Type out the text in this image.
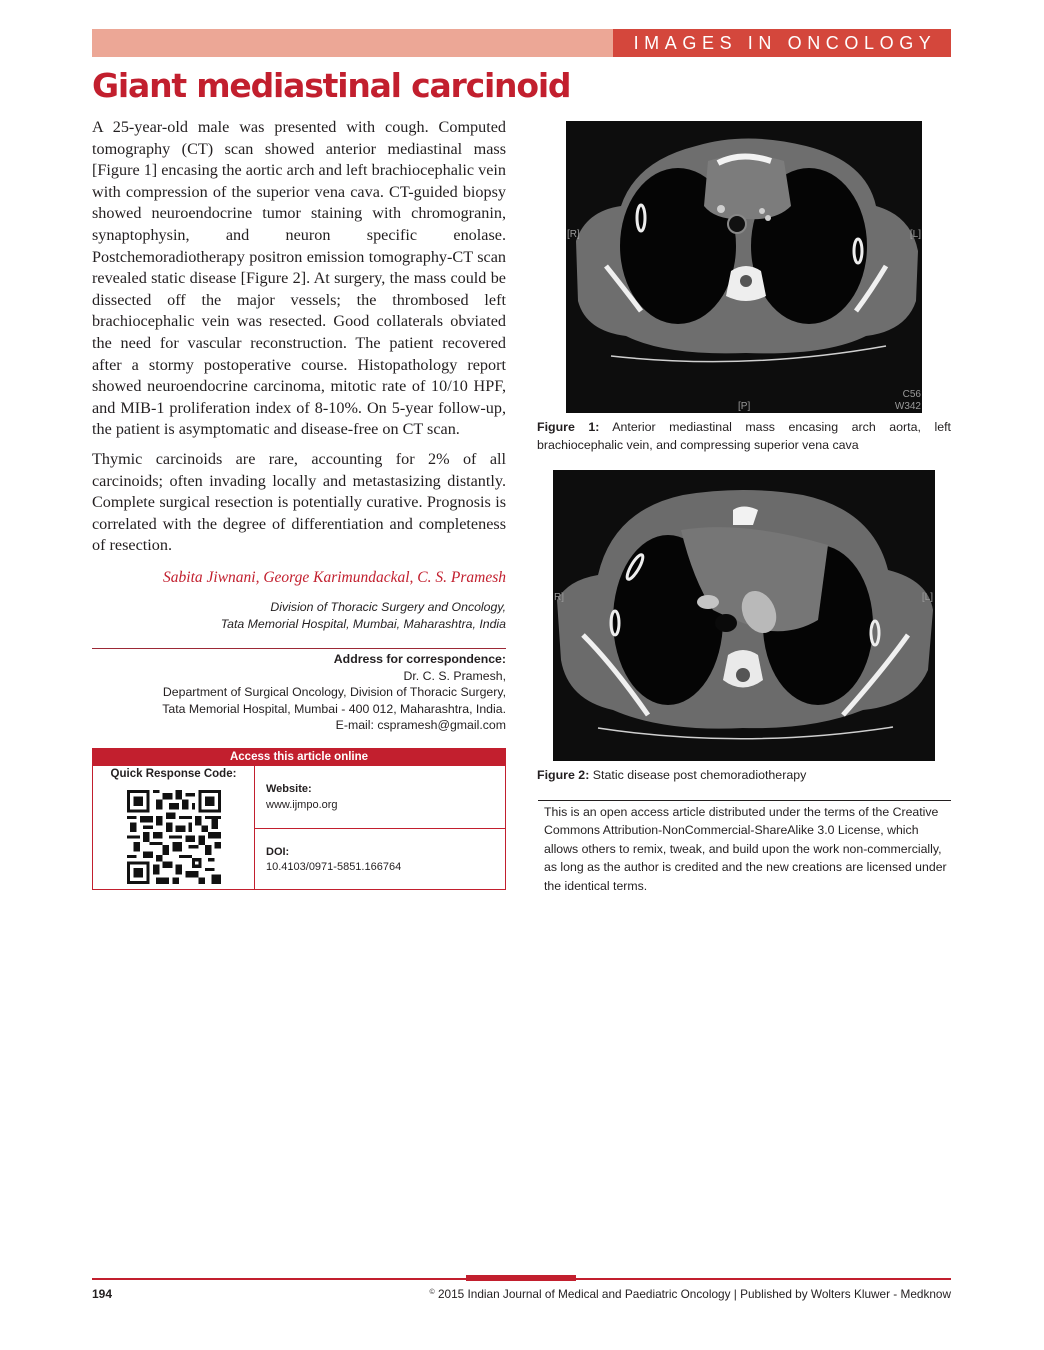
IMAGES IN ONCOLOGY
Giant mediastinal carcinoid

A 25-year-old male was presented with cough. Computed tomography (CT) scan showed anterior mediastinal mass [Figure 1] encasing the aortic arch and left brachiocephalic vein with compression of the superior vena cava. CT-guided biopsy showed neuroendocrine tumor staining with chromogranin, synaptophysin, and neuron specific enolase. Postchemoradiotherapy positron emission tomography-CT scan revealed static disease [Figure 2]. At surgery, the mass could be dissected off the major vessels; the thrombosed left brachiocephalic vein was resected. Good collaterals obviated the need for vascular reconstruction. The patient recovered after a stormy postoperative course. Histopathology report showed neuroendocrine carcinoma, mitotic rate of 10/10 HPF, and MIB-1 proliferation index of 8-10%. On 5-year follow-up, the patient is asymptomatic and disease-free on CT scan.

Thymic carcinoids are rare, accounting for 2% of all carcinoids; often invading locally and metastasizing distantly. Complete surgical resection is potentially curative. Prognosis is correlated with the degree of differentiation and completeness of resection.

Sabita Jiwnani, George Karimundackal, C. S. Pramesh
Division of Thoracic Surgery and Oncology,
Tata Memorial Hospital, Mumbai, Maharashtra, India
Address for correspondence:
Dr. C. S. Pramesh,
Department of Surgical Oncology, Division of Thoracic Surgery,
Tata Memorial Hospital, Mumbai - 400 012, Maharashtra, India.
E-mail: cspramesh@gmail.com
Access this article online
Quick Response Code:
Website:
www.ijmpo.org
DOI:
10.4103/0971-5851.166764
[R]	[L]
[P]
C56
W342

Figure 1: Anterior mediastinal mass encasing arch aorta, left brachiocephalic vein, and compressing superior vena cava

R]	[L]

Figure 2: Static disease post chemoradiotherapy

This is an open access article distributed under the terms of the Creative Commons Attribution-NonCommercial-ShareAlike 3.0 License, which allows others to remix, tweak, and build upon the work non-commercially, as long as the author is credited and the new creations are licensed under the identical terms.
194	© 2015 Indian Journal of Medical and Paediatric Oncology | Published by Wolters Kluwer - Medknow
